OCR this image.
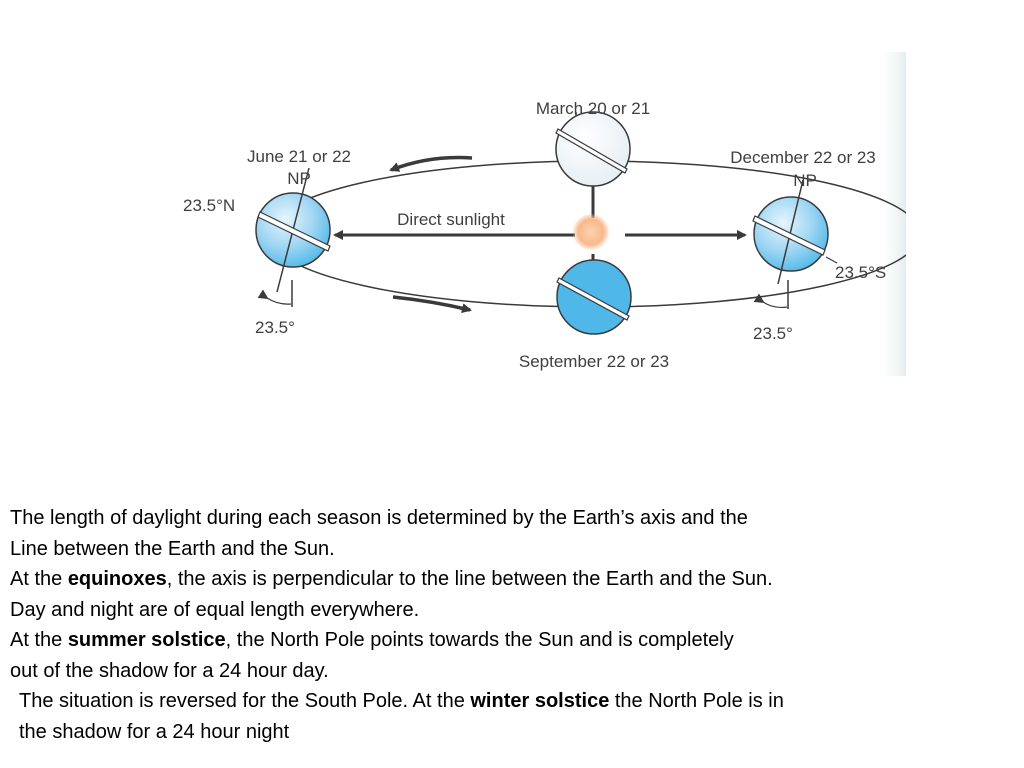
March 20 or 21
June 21 or 22
NP
23.5°N
23.5°
December 22 or 23
NP
23.5°S
23.5°
September 22 or 23
Direct sunlight
The length of daylight during each season is determined by the Earth’s axis and the
Line between the Earth and the Sun.
At the equinoxes, the axis is perpendicular to the line between the Earth and the Sun.
Day and night are of equal length everywhere.
At the summer solstice, the North Pole points towards the Sun and is completely
out of the shadow for a 24 hour day.
The situation is reversed for the South Pole. At the winter solstice the North Pole is in
the shadow for a 24 hour night
